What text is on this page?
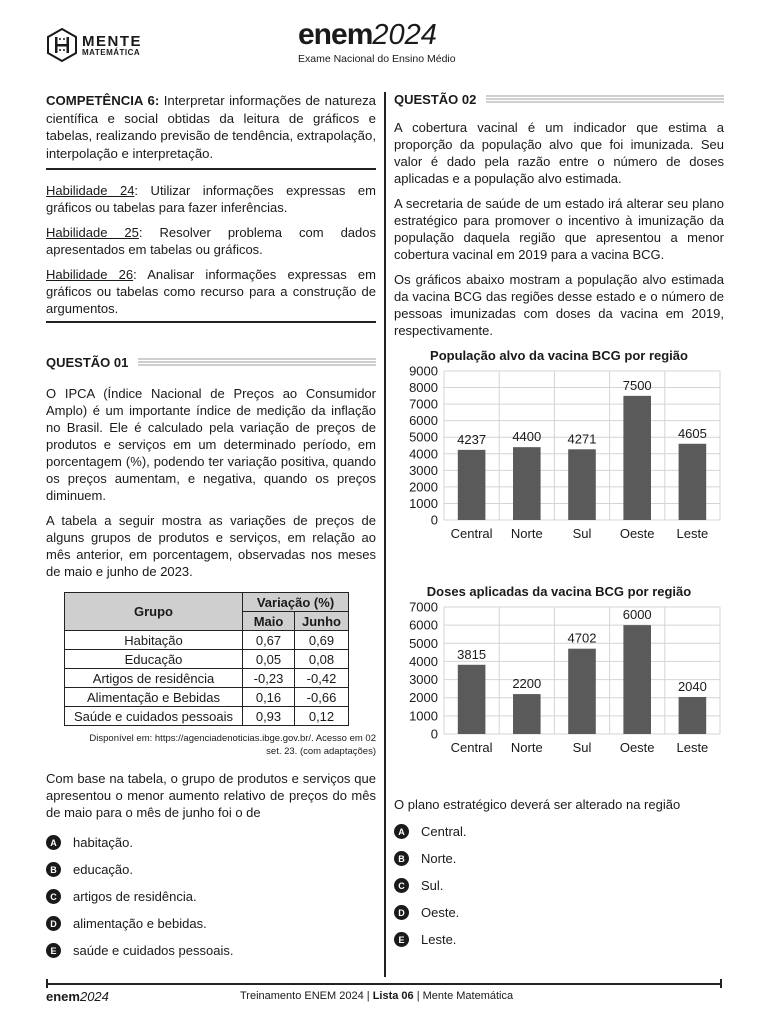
MENTE
MATEMÁTICA
enem2024
Exame Nacional do Ensino Médio
COMPETÊNCIA 6: Interpretar informações de natureza científica e social obtidas da leitura de gráficos e tabelas, realizando previsão de tendência, extrapolação, interpolação e interpretação.
Habilidade 24: Utilizar informações expressas em gráficos ou tabelas para fazer inferências.
Habilidade 25: Resolver problema com dados apresentados em tabelas ou gráficos.
Habilidade 26: Analisar informações expressas em gráficos ou tabelas como recurso para a construção de argumentos.
QUESTÃO 01
O IPCA (Índice Nacional de Preços ao Consumidor Amplo) é um importante índice de medição da inflação no Brasil. Ele é calculado pela variação de preços de produtos e serviços em um determinado período, em porcentagem (%), podendo ter variação positiva, quando os preços aumentam, e negativa, quando os preços diminuem.
A tabela a seguir mostra as variações de preços de alguns grupos de produtos e serviços, em relação ao mês anterior, em porcentagem, observadas nos meses de maio e junho de 2023.
Grupo	Variação (%)	
	Maio	Junho
Habitação	0,67	0,69
Educação	0,05	0,08
Artigos de residência	-0,23	-0,42
Alimentação e Bebidas	0,16	-0,66
Saúde e cuidados pessoais	0,93	0,12
Disponível em: https://agenciadenoticias.ibge.gov.br/. Acesso em 02
set. 23. (com adaptações)
Com base na tabela, o grupo de produtos e serviços que apresentou o menor aumento relativo de preços do mês de maio para o mês de junho foi o de
A	habitação.
B	educação.
C	artigos de residência.
D	alimentação e bebidas.
E	saúde e cuidados pessoais.
QUESTÃO 02
A cobertura vacinal é um indicador que estima a proporção da população alvo que foi imunizada. Seu valor é dado pela razão entre o número de doses aplicadas e a população alvo estimada.
A secretaria de saúde de um estado irá alterar seu plano estratégico para promover o incentivo à imunização da população daquela região que apresentou a menor cobertura vacinal em 2019 para a vacina BCG.
Os gráficos abaixo mostram a população alvo estimada da vacina BCG das regiões desse estado e o número de pessoas imunizadas com doses da vacina em 2019, respectivamente.
População alvo da vacina BCG por região
0
1000
2000
3000
4000
5000
6000
7000
8000
9000
4237
Central
4400
Norte
4271
Sul
7500
Oeste
4605
Leste
Doses aplicadas da vacina BCG por região
0
1000
2000
3000
4000
5000
6000
7000
3815
Central
2200
Norte
4702
Sul
6000
Oeste
2040
Leste
O plano estratégico deverá ser alterado na região
A	Central.
B	Norte.
C	Sul.
D	Oeste.
E	Leste.
enem2024	Treinamento ENEM 2024 | Lista 06 | Mente Matemática
